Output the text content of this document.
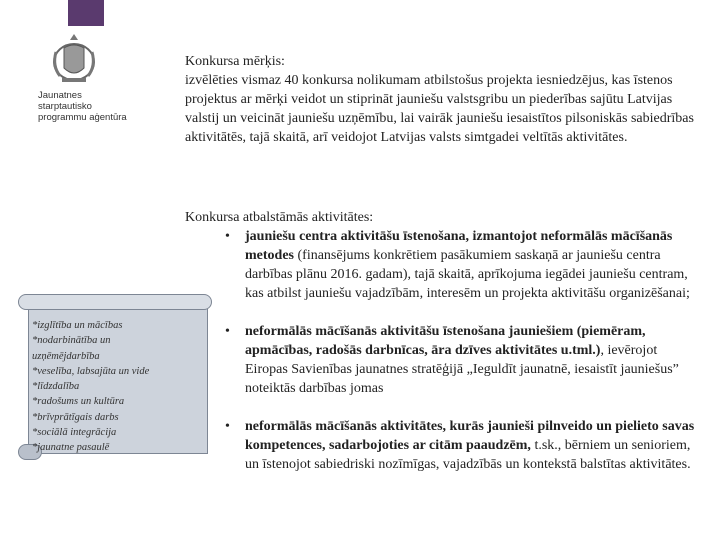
Jaunatnes starptautisko
programmu aģentūra
Konkursa mērķis:
izvēlēties vismaz 40 konkursa nolikumam atbilstošus projekta iesniedzējus, kas īstenos projektus ar mērķi veidot un stiprināt jauniešu valstsgribu un piederības sajūtu Latvijas valstij un veicināt jauniešu uzņēmību, lai vairāk jauniešu iesaistītos pilsoniskās sabiedrības aktivitātēs, tajā skaitā, arī veidojot Latvijas valsts simtgadei veltītās aktivitātes.
Konkursa atbalstāmās aktivitātes:
• jauniešu centra aktivitāšu īstenošana, izmantojot neformālās mācīšanās metodes (finansējums konkrētiem pasākumiem saskaņā ar jauniešu centra darbības plānu 2016. gadam), tajā skaitā, aprīkojuma iegādei jauniešu centram, kas atbilst jauniešu vajadzībām, interesēm un projekta aktivitāšu organizēšanai;
• neformālās mācīšanās aktivitāšu īstenošana jauniešiem (piemēram, apmācības, radošās darbnīcas, āra dzīves aktivitātes u.tml.), ievērojot Eiropas Savienības jaunatnes stratēģijā „Ieguldīt jaunatnē, iesaistīt jauniešus” noteiktās darbības jomas
• neformālās mācīšanās aktivitātes, kurās jaunieši pilnveido un pielieto savas kompetences, sadarbojoties ar citām paaudzēm, t.sk., bērniem un senioriem, un īstenojot sabiedriski nozīmīgas, vajadzībās un kontekstā balstītas aktivitātes.
*izglītība un mācības
*nodarbinātība un
uzņēmējdarbība
*veselība, labsajūta un vide
*līdzdalība
*radošums un kultūra
*brīvprātīgais darbs
*sociālā integrācija
*jaunatne pasaulē
